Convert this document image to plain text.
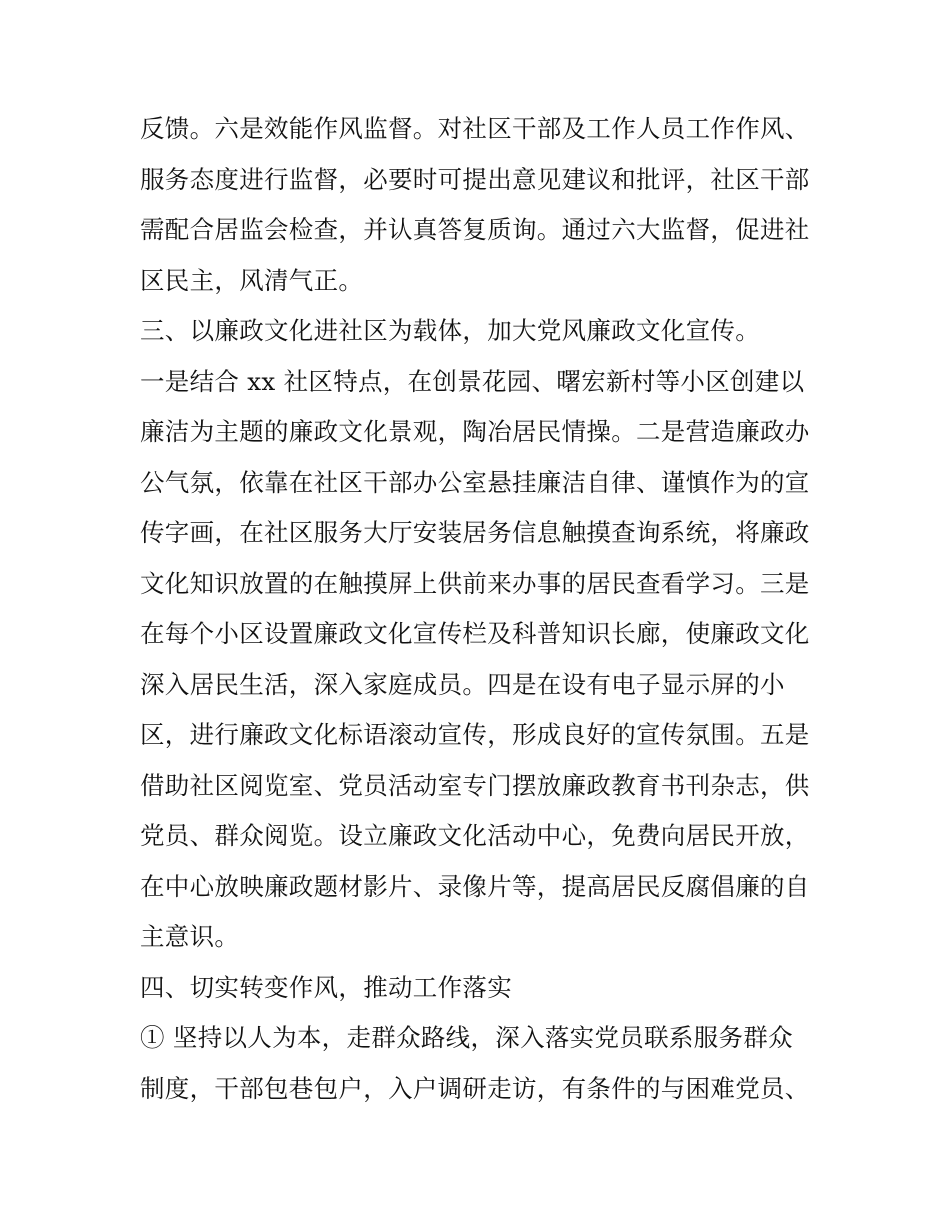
反馈。六是效能作风监督。对社区干部及工作人员工作作风、
服务态度进行监督，必要时可提出意见建议和批评，社区干部
需配合居监会检查，并认真答复质询。通过六大监督，促进社
区民主，风清气正。
三、以廉政文化进社区为载体，加大党风廉政文化宣传。
一是结合 xx 社区特点，在创景花园、曙宏新村等小区创建以
廉洁为主题的廉政文化景观，陶冶居民情操。二是营造廉政办
公气氛，依靠在社区干部办公室悬挂廉洁自律、谨慎作为的宣
传字画，在社区服务大厅安装居务信息触摸查询系统，将廉政
文化知识放置的在触摸屏上供前来办事的居民查看学习。三是
在每个小区设置廉政文化宣传栏及科普知识长廊，使廉政文化
深入居民生活，深入家庭成员。四是在设有电子显示屏的小
区，进行廉政文化标语滚动宣传，形成良好的宣传氛围。五是
借助社区阅览室、党员活动室专门摆放廉政教育书刊杂志，供
党员、群众阅览。设立廉政文化活动中心，免费向居民开放，
在中心放映廉政题材影片、录像片等，提高居民反腐倡廉的自
主意识。
四、切实转变作风，推动工作落实
① 坚持以人为本，走群众路线，深入落实党员联系服务群众
制度，干部包巷包户，入户调研走访，有条件的与困难党员、
